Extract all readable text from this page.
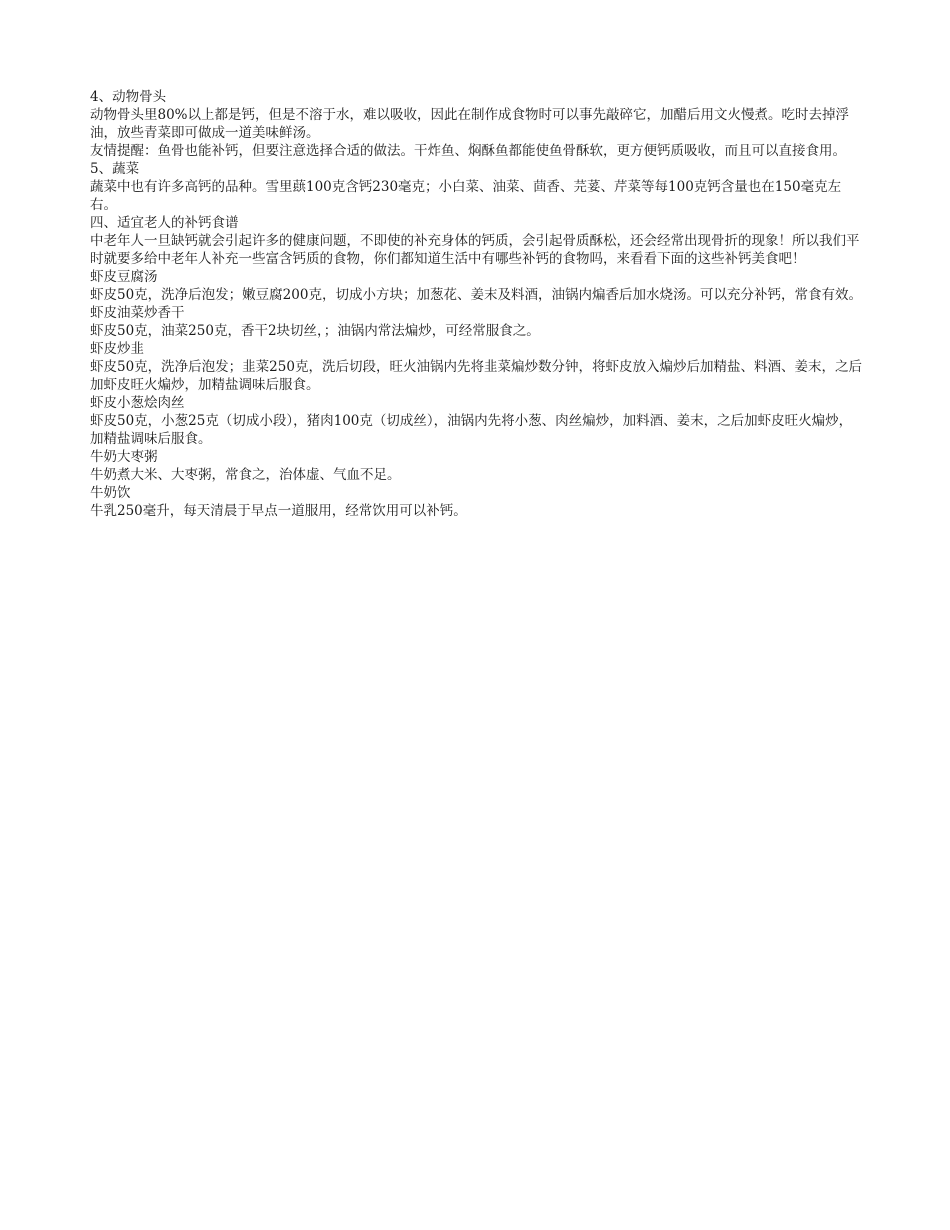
4、动物骨头

动物骨头里80%以上都是钙，但是不溶于水，难以吸收，因此在制作成食物时可以事先敲碎它，加醋后用文火慢煮。吃时去掉浮油，放些青菜即可做成一道美味鲜汤。

友情提醒：鱼骨也能补钙，但要注意选择合适的做法。干炸鱼、焖酥鱼都能使鱼骨酥软，更方便钙质吸收，而且可以直接食用。

5、蔬菜

蔬菜中也有许多高钙的品种。雪里蕻100克含钙230毫克；小白菜、油菜、茴香、芫荽、芹菜等每100克钙含量也在150毫克左右。

四、适宜老人的补钙食谱

中老年人一旦缺钙就会引起许多的健康问题，不即使的补充身体的钙质，会引起骨质酥松，还会经常出现骨折的现象！所以我们平时就要多给中老年人补充一些富含钙质的食物，你们都知道生活中有哪些补钙的食物吗，来看看下面的这些补钙美食吧！

虾皮豆腐汤

虾皮50克，洗净后泡发；嫩豆腐200克，切成小方块；加葱花、姜末及料酒，油锅内煸香后加水烧汤。可以充分补钙，常食有效。

虾皮油菜炒香干

虾皮50克，油菜250克，香干2块切丝，；油锅内常法煸炒，可经常服食之。

虾皮炒韭

虾皮50克，洗净后泡发；韭菜250克，洗后切段，旺火油锅内先将韭菜煸炒数分钟，将虾皮放入煸炒后加精盐、料酒、姜末，之后加虾皮旺火煸炒，加精盐调味后服食。

虾皮小葱烩肉丝

虾皮50克，小葱25克（切成小段），猪肉100克（切成丝），油锅内先将小葱、肉丝煸炒，加料酒、姜末，之后加虾皮旺火煸炒，加精盐调味后服食。

牛奶大枣粥

牛奶煮大米、大枣粥，常食之，治体虚、气血不足。

牛奶饮

牛乳250毫升，每天清晨于早点一道服用，经常饮用可以补钙。
